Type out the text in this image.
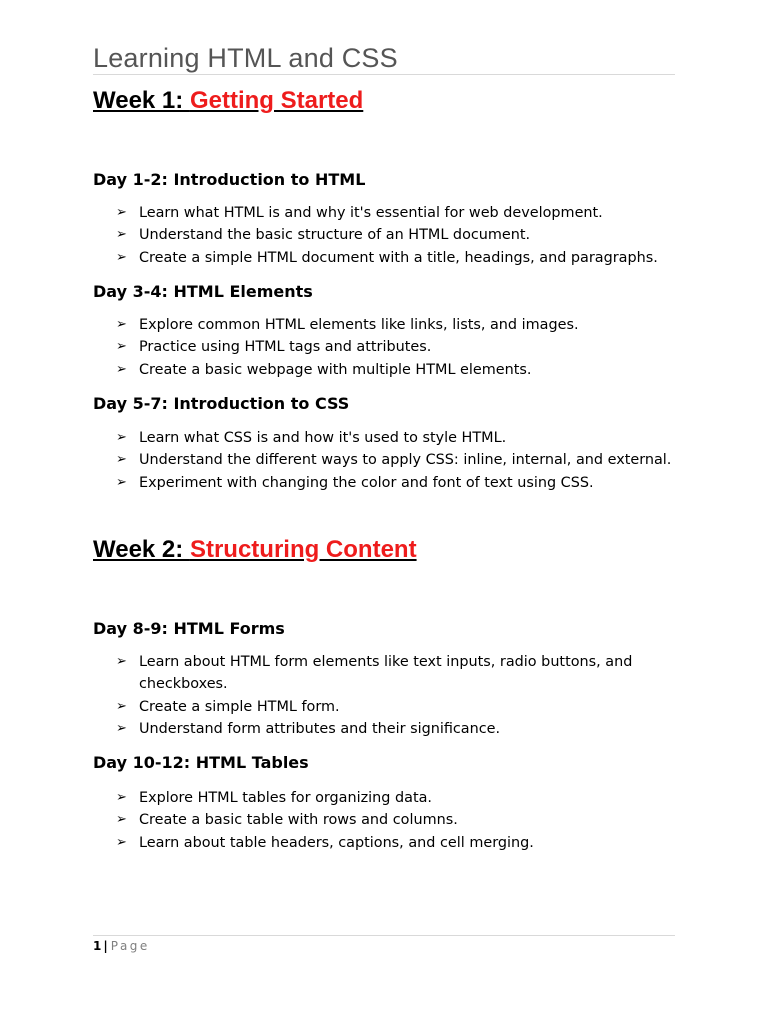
Learning HTML and CSS
Week 1: Getting Started
Day 1-2: Introduction to HTML
➢ Learn what HTML is and why it's essential for web development.
➢ Understand the basic structure of an HTML document.
➢ Create a simple HTML document with a title, headings, and paragraphs.
Day 3-4: HTML Elements
➢ Explore common HTML elements like links, lists, and images.
➢ Practice using HTML tags and attributes.
➢ Create a basic webpage with multiple HTML elements.
Day 5-7: Introduction to CSS
➢ Learn what CSS is and how it's used to style HTML.
➢ Understand the different ways to apply CSS: inline, internal, and external.
➢ Experiment with changing the color and font of text using CSS.
Week 2: Structuring Content
Day 8-9: HTML Forms
➢ Learn about HTML form elements like text inputs, radio buttons, and checkboxes.
➢ Create a simple HTML form.
➢ Understand form attributes and their significance.
Day 10-12: HTML Tables
➢ Explore HTML tables for organizing data.
➢ Create a basic table with rows and columns.
➢ Learn about table headers, captions, and cell merging.
1 | Page
